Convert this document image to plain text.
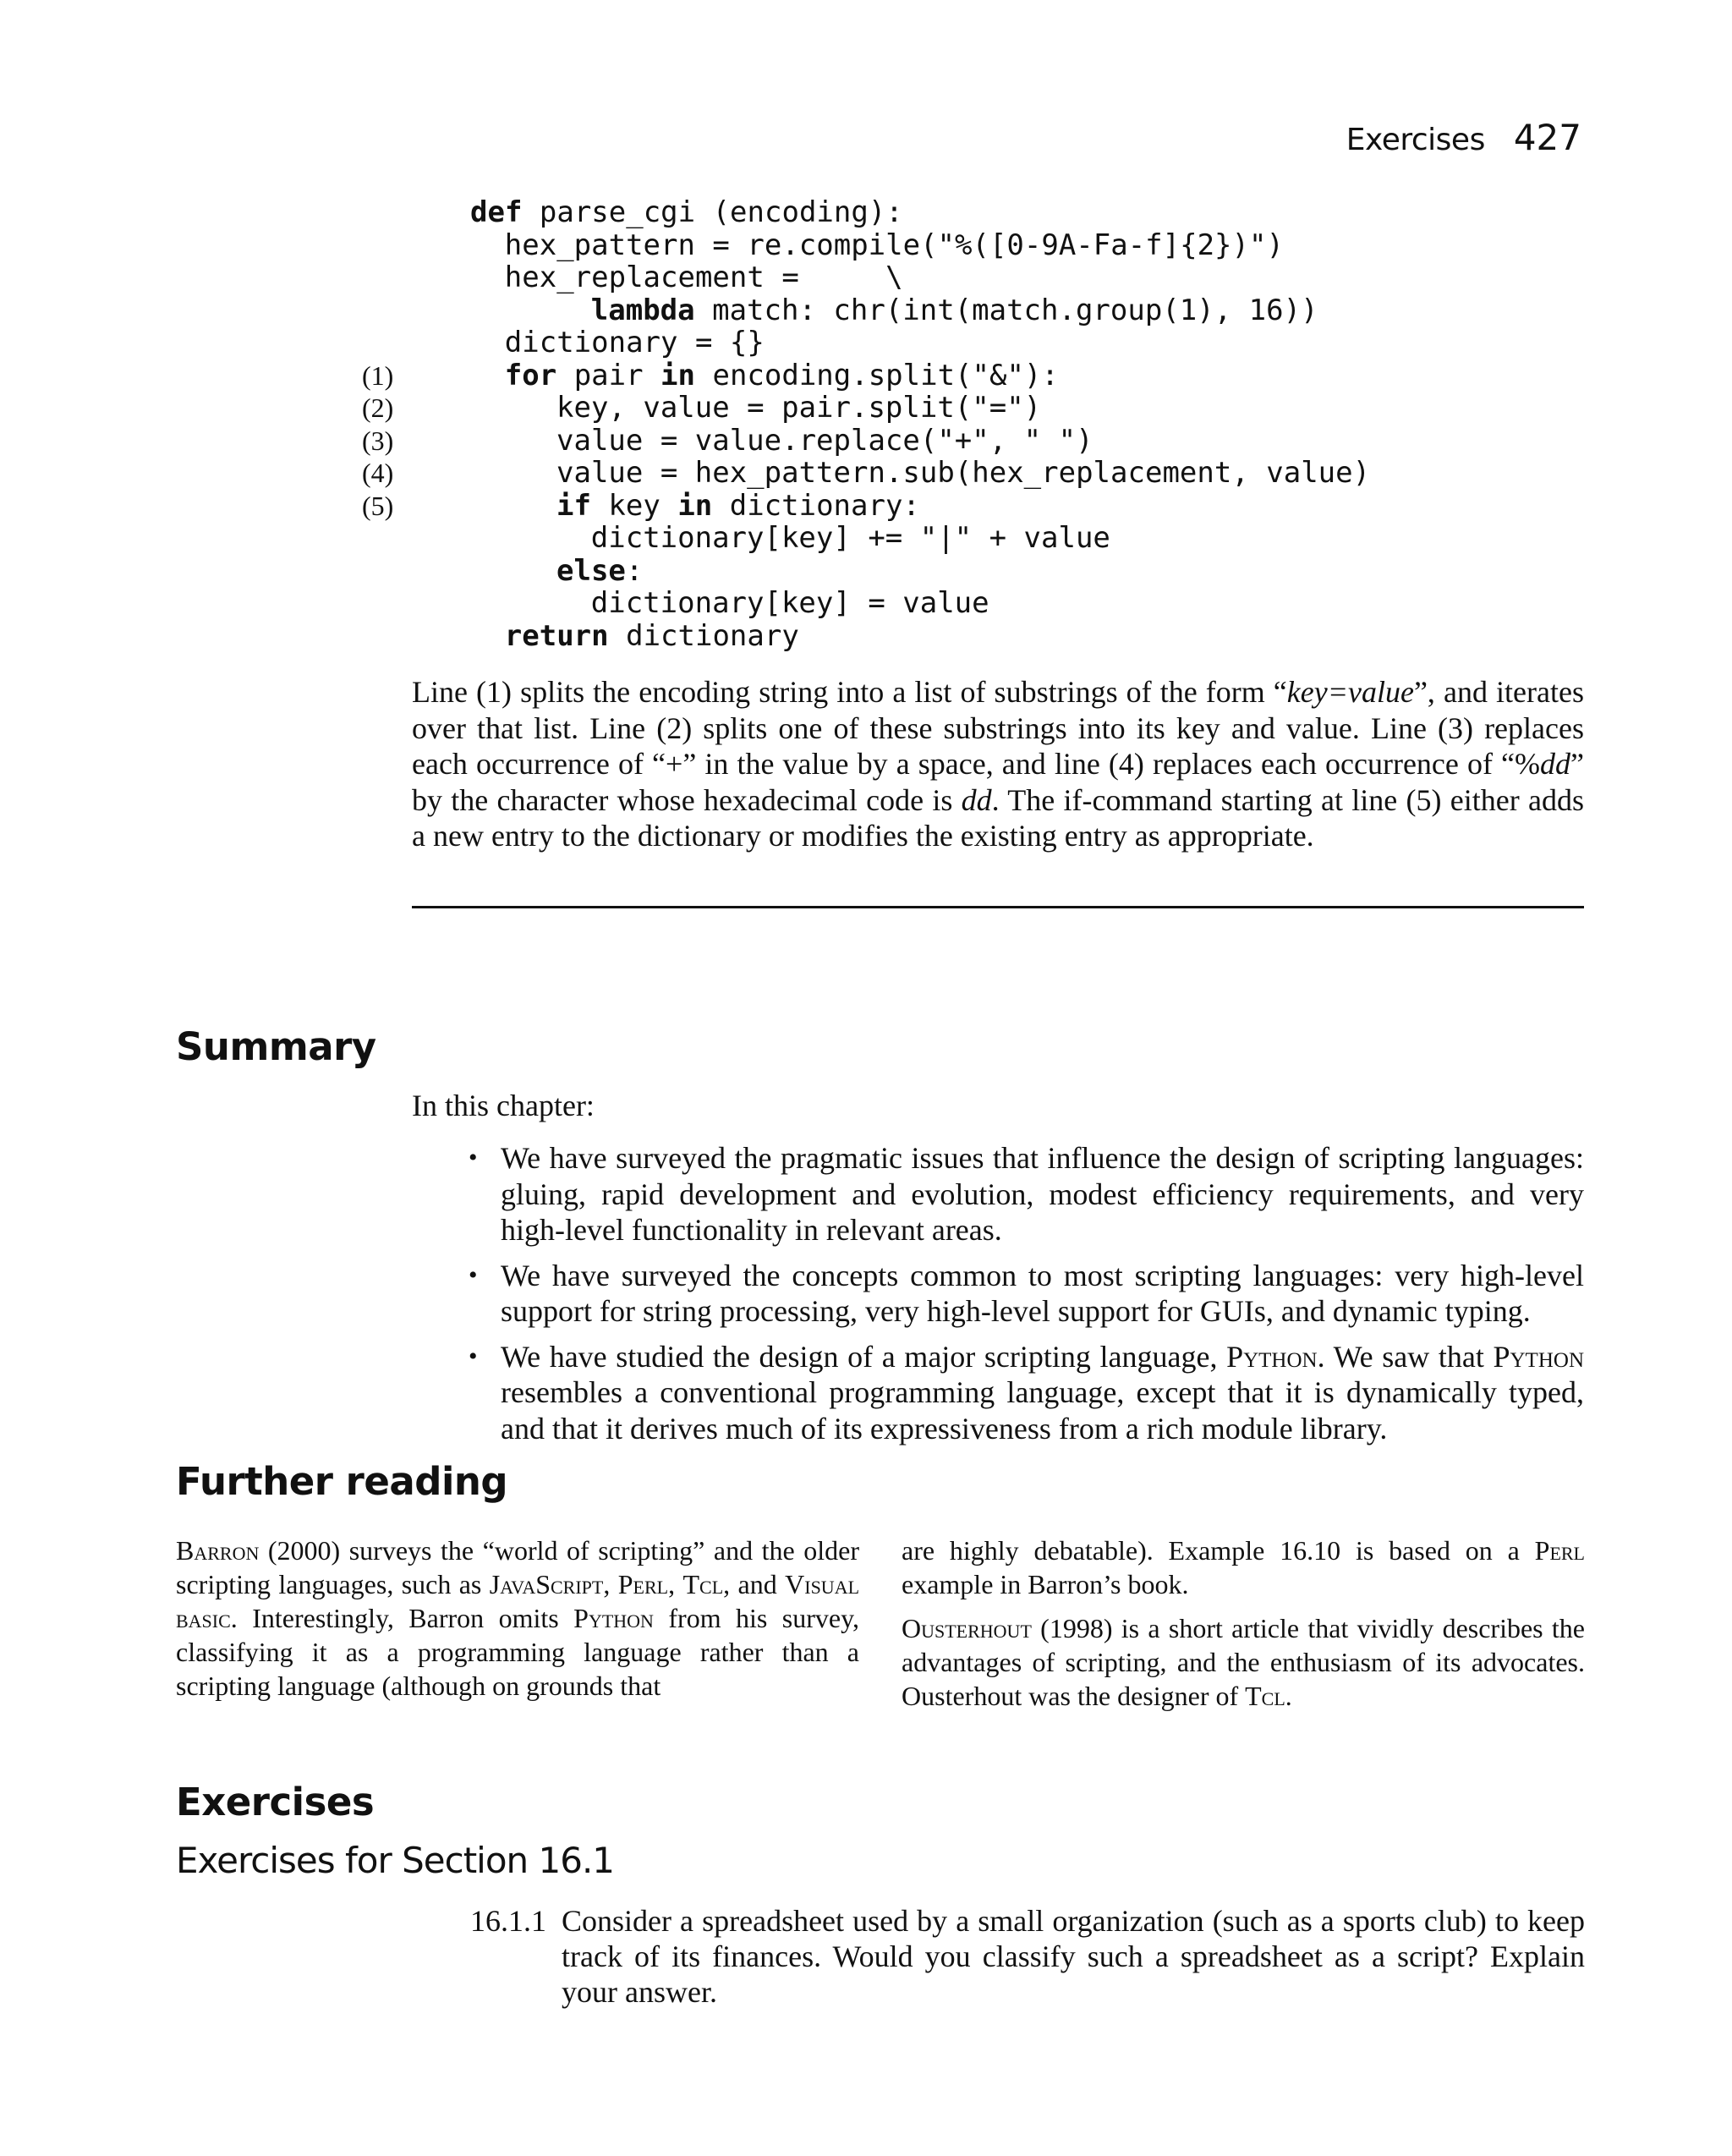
Exercises 427
def parse_cgi (encoding):
hex_pattern = re.compile("%([0-9A-Fa-f]{2})")
hex_replacement =     \
lambda match: chr(int(match.group(1), 16))
dictionary = {}
(1)	for pair in encoding.split("&"):
(2)	key, value = pair.split("=")
(3)	value = value.replace("+", " ")
(4)	value = hex_pattern.sub(hex_replacement, value)
(5)	if key in dictionary:
dictionary[key] += "|" + value
else:
dictionary[key] = value
return dictionary
Line (1) splits the encoding string into a list of substrings of the form “key=value”, and iterates over that list. Line (2) splits one of these substrings into its key and value. Line (3) replaces each occurrence of “+” in the value by a space, and line (4) replaces each occurrence of “%dd” by the character whose hexadecimal code is dd. The if-command starting at line (5) either adds a new entry to the dictionary or modifies the existing entry as appropriate.
Summary
In this chapter:
• We have surveyed the pragmatic issues that influence the design of scripting languages: gluing, rapid development and evolution, modest efficiency requirements, and very high-level functionality in relevant areas.
• We have surveyed the concepts common to most scripting languages: very high-level support for string processing, very high-level support for GUIs, and dynamic typing.
• We have studied the design of a major scripting language, Python. We saw that Python resembles a conventional programming language, except that it is dynamically typed, and that it derives much of its expressiveness from a rich module library.
Further reading

Barron (2000) surveys the “world of scripting” and the older scripting languages, such as JavaScript, Perl, Tcl, and Visual basic. Interestingly, Barron omits Python from his survey, classifying it as a programming language rather than a scripting language (although on grounds that

are highly debatable). Example 16.10 is based on a Perl example in Barron’s book.

Ousterhout (1998) is a short article that vividly describes the advantages of scripting, and the enthusiasm of its advocates. Ousterhout was the designer of Tcl.

Exercises
Exercises for Section 16.1
16.1.1 Consider a spreadsheet used by a small organization (such as a sports club) to keep track of its finances. Would you classify such a spreadsheet as a script? Explain your answer.
